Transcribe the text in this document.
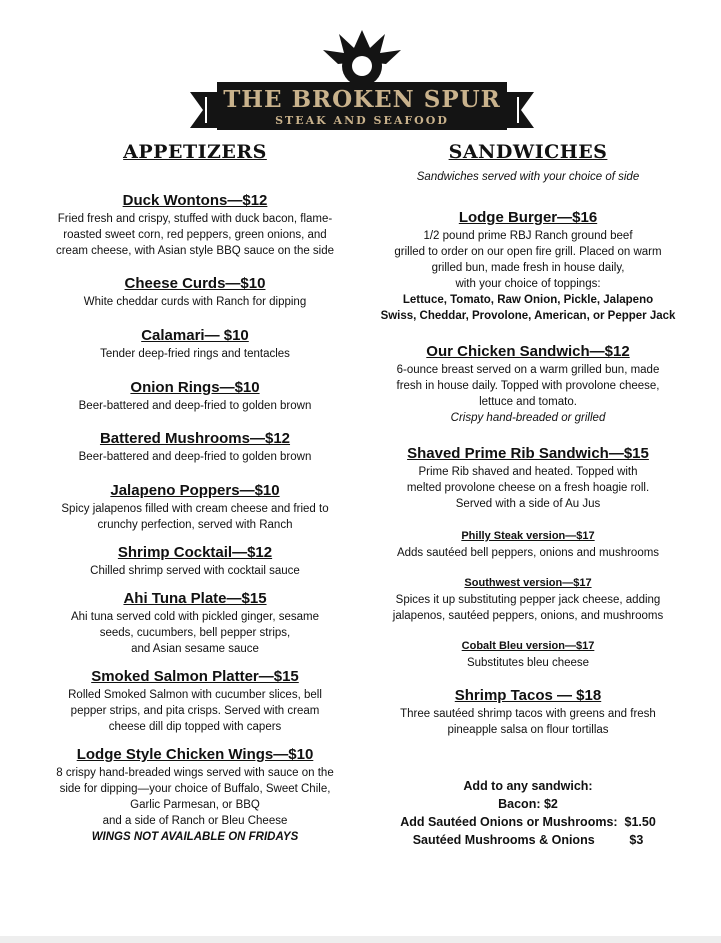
THE BROKEN SPUR
STEAK AND SEAFOOD
APPETIZERS
Duck Wontons—$12
Fried fresh and crispy, stuffed with duck bacon, flame-
roasted sweet corn, red peppers, green onions, and
cream cheese, with Asian style BBQ sauce on the side
Cheese Curds—$10
White cheddar curds with Ranch for dipping
Calamari— $10
Tender deep-fried rings and tentacles
Onion Rings—$10
Beer-battered and deep-fried to golden brown
Battered Mushrooms—$12
Beer-battered and deep-fried to golden brown
Jalapeno Poppers—$10
Spicy jalapenos filled with cream cheese and fried to
crunchy perfection, served with Ranch
Shrimp Cocktail—$12
Chilled shrimp served with cocktail sauce
Ahi Tuna Plate—$15
Ahi tuna served cold with pickled ginger, sesame
seeds, cucumbers, bell pepper strips,
and Asian sesame sauce
Smoked Salmon Platter—$15
Rolled Smoked Salmon with cucumber slices, bell
pepper strips, and pita crisps. Served with cream
cheese dill dip topped with capers
Lodge Style Chicken Wings—$10
8 crispy hand-breaded wings served with sauce on the
side for dipping—your choice of Buffalo, Sweet Chile,
Garlic Parmesan, or BBQ
and a side of Ranch or Bleu Cheese
WINGS NOT AVAILABLE ON FRIDAYS
SANDWICHES
Sandwiches served with your choice of side
Lodge Burger—$16
1/2 pound prime RBJ Ranch ground beef
grilled to order on our open fire grill. Placed on warm
grilled bun, made fresh in house daily,
with your choice of toppings:
Lettuce, Tomato, Raw Onion, Pickle, Jalapeno
Swiss, Cheddar, Provolone, American, or Pepper Jack
Our Chicken Sandwich—$12
6-ounce breast served on a warm grilled bun, made
fresh in house daily. Topped with provolone cheese,
lettuce and tomato.
Crispy hand-breaded or grilled
Shaved Prime Rib Sandwich—$15
Prime Rib shaved and heated. Topped with
melted provolone cheese on a fresh hoagie roll.
Served with a side of Au Jus
Philly Steak version—$17
Adds sautéed bell peppers, onions and mushrooms
Southwest version—$17
Spices it up substituting pepper jack cheese, adding
jalapenos, sautéed peppers, onions, and mushrooms
Cobalt Bleu version—$17
Substitutes bleu cheese
Shrimp Tacos — $18
Three sautéed shrimp tacos with greens and fresh
pineapple salsa on flour tortillas
Add to any sandwich:
Bacon: $2
Add Sautéed Onions or Mushrooms:  $1.50
Sautéed Mushrooms & Onions          $3
